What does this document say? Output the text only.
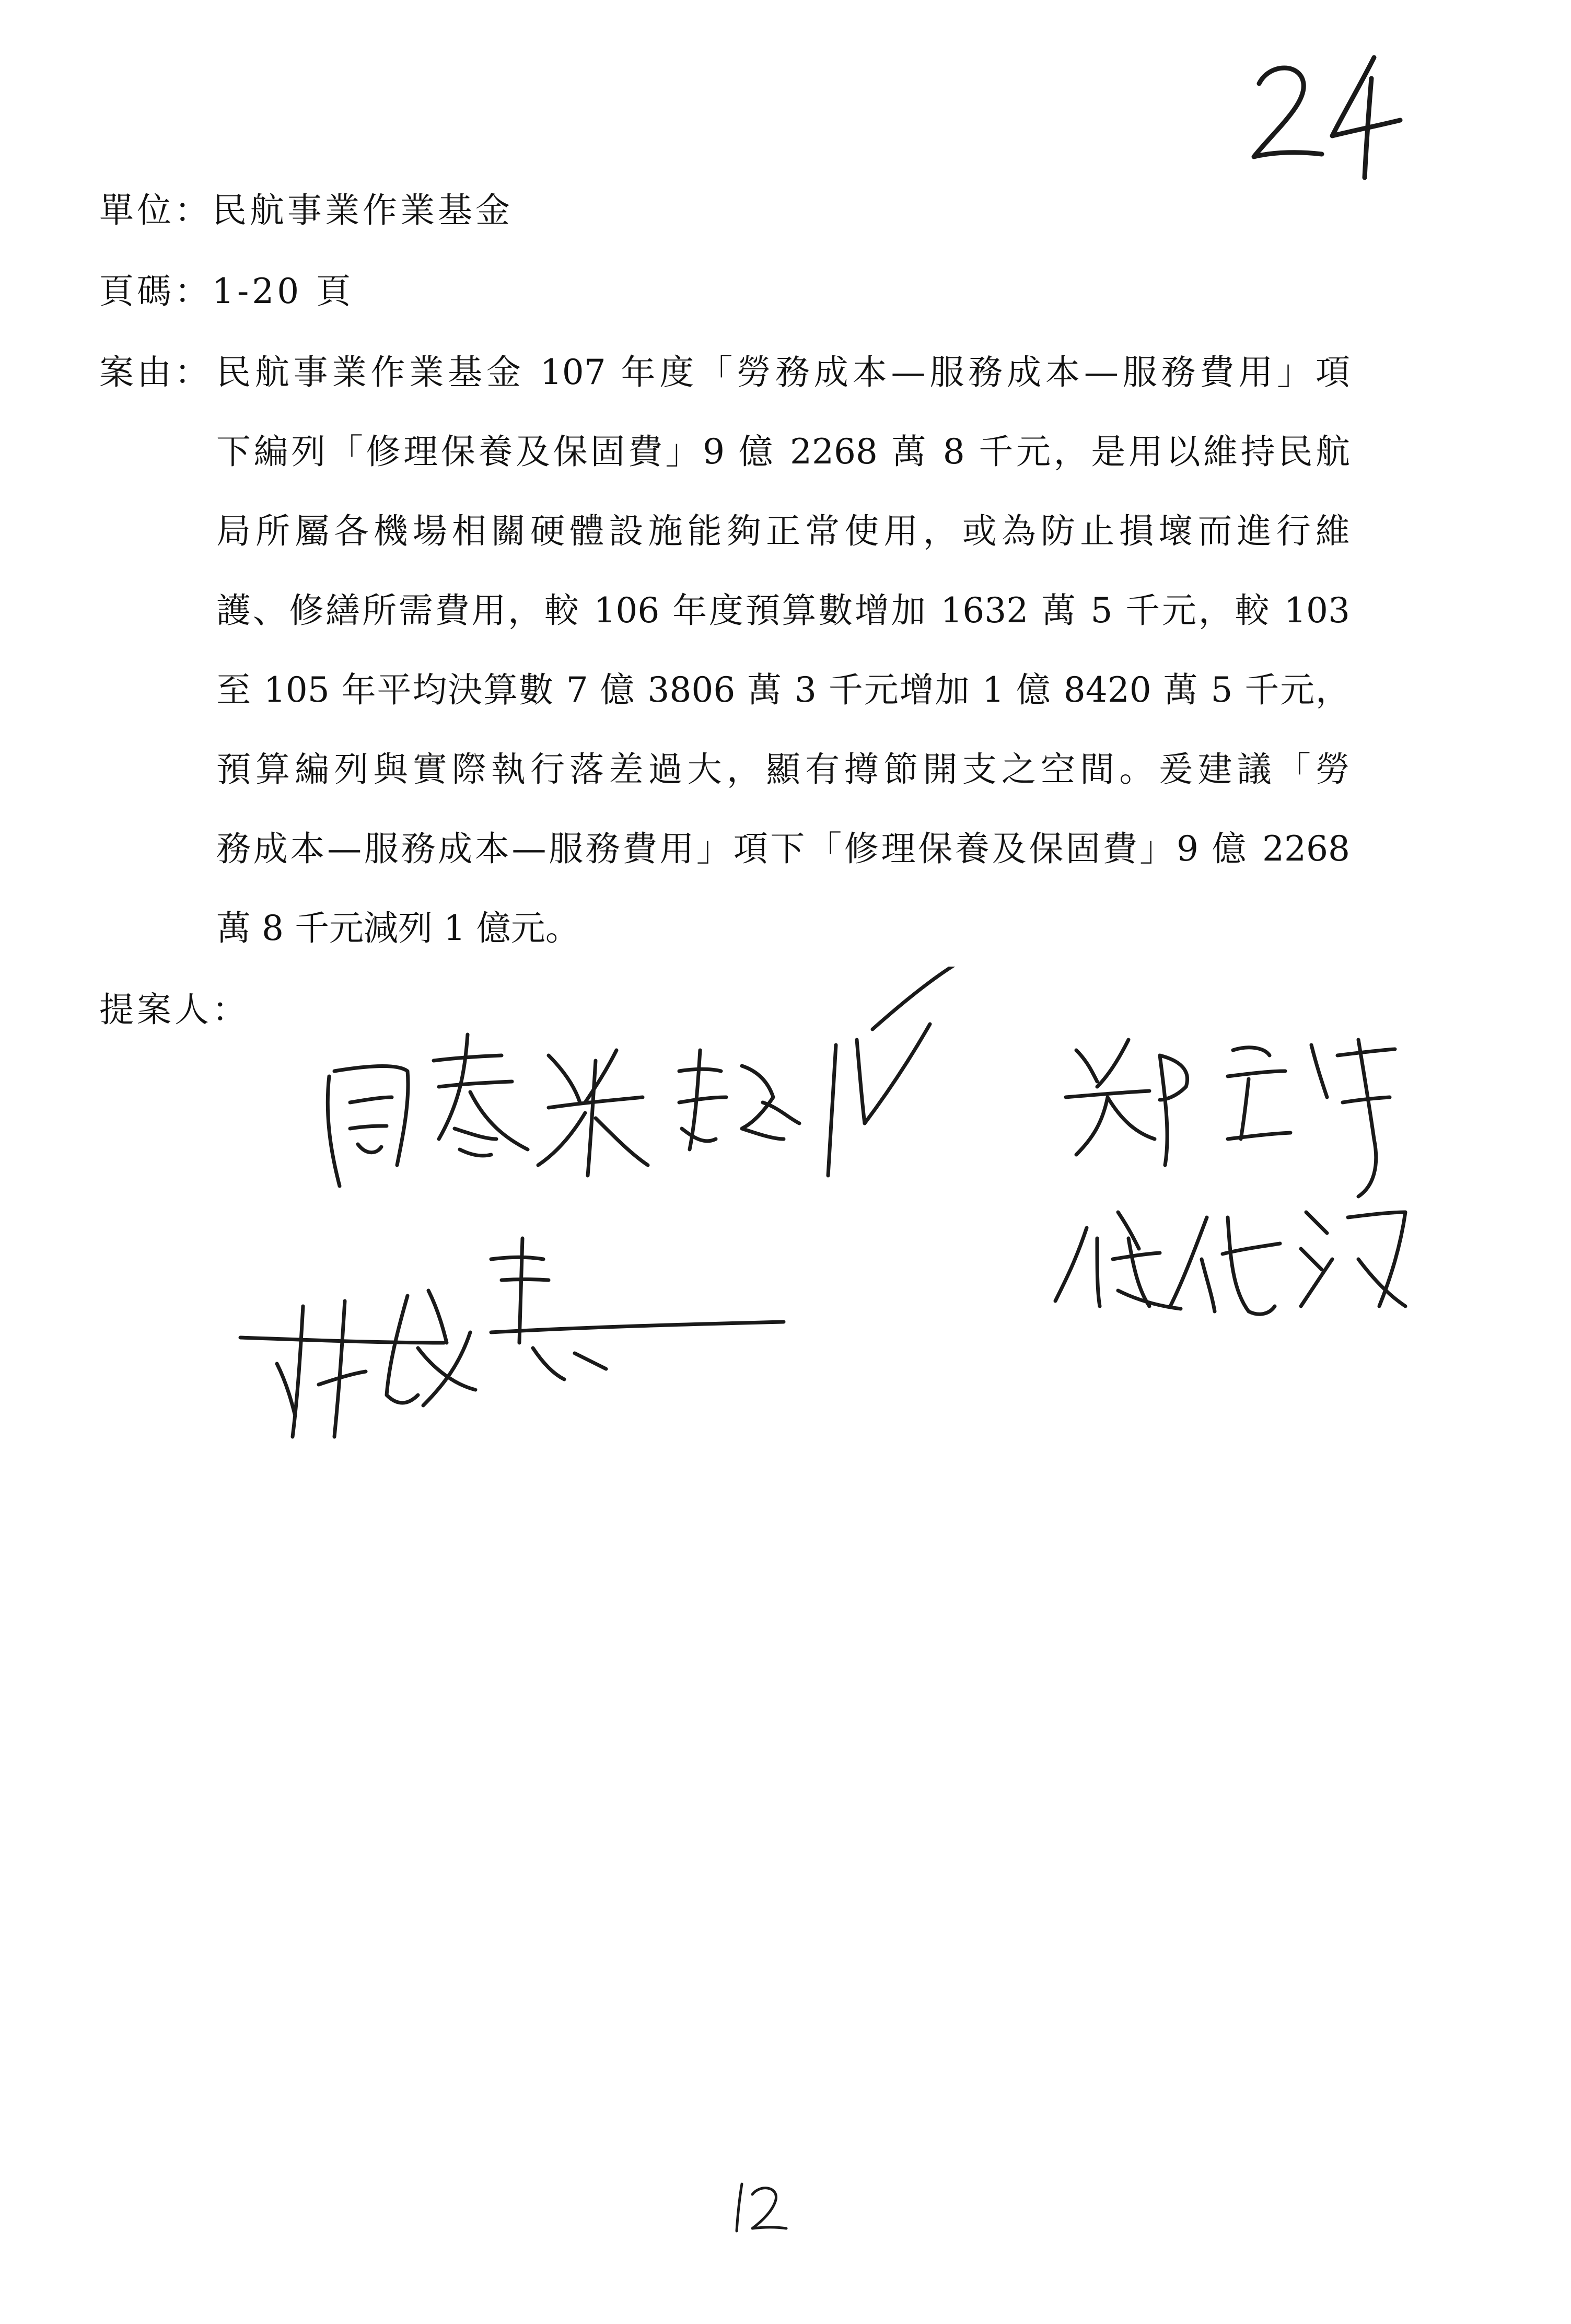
單位：民航事業作業基金
頁碼：1-20 頁
案由： 民航事業作業基金 107 年度「勞務成本—服務成本—服務費用」項
下編列「修理保養及保固費」9 億 2268 萬 8 千元，是用以維持民航
局所屬各機場相關硬體設施能夠正常使用，或為防止損壞而進行維
護、修繕所需費用，較 106 年度預算數增加 1632 萬 5 千元，較 103
至 105 年平均決算數 7 億 3806 萬 3 千元增加 1 億 8420 萬 5 千元，
預算編列與實際執行落差過大，顯有撙節開支之空間。爰建議「勞
務成本—服務成本—服務費用」項下「修理保養及保固費」9 億 2268
萬 8 千元減列 1 億元。
提案人：
